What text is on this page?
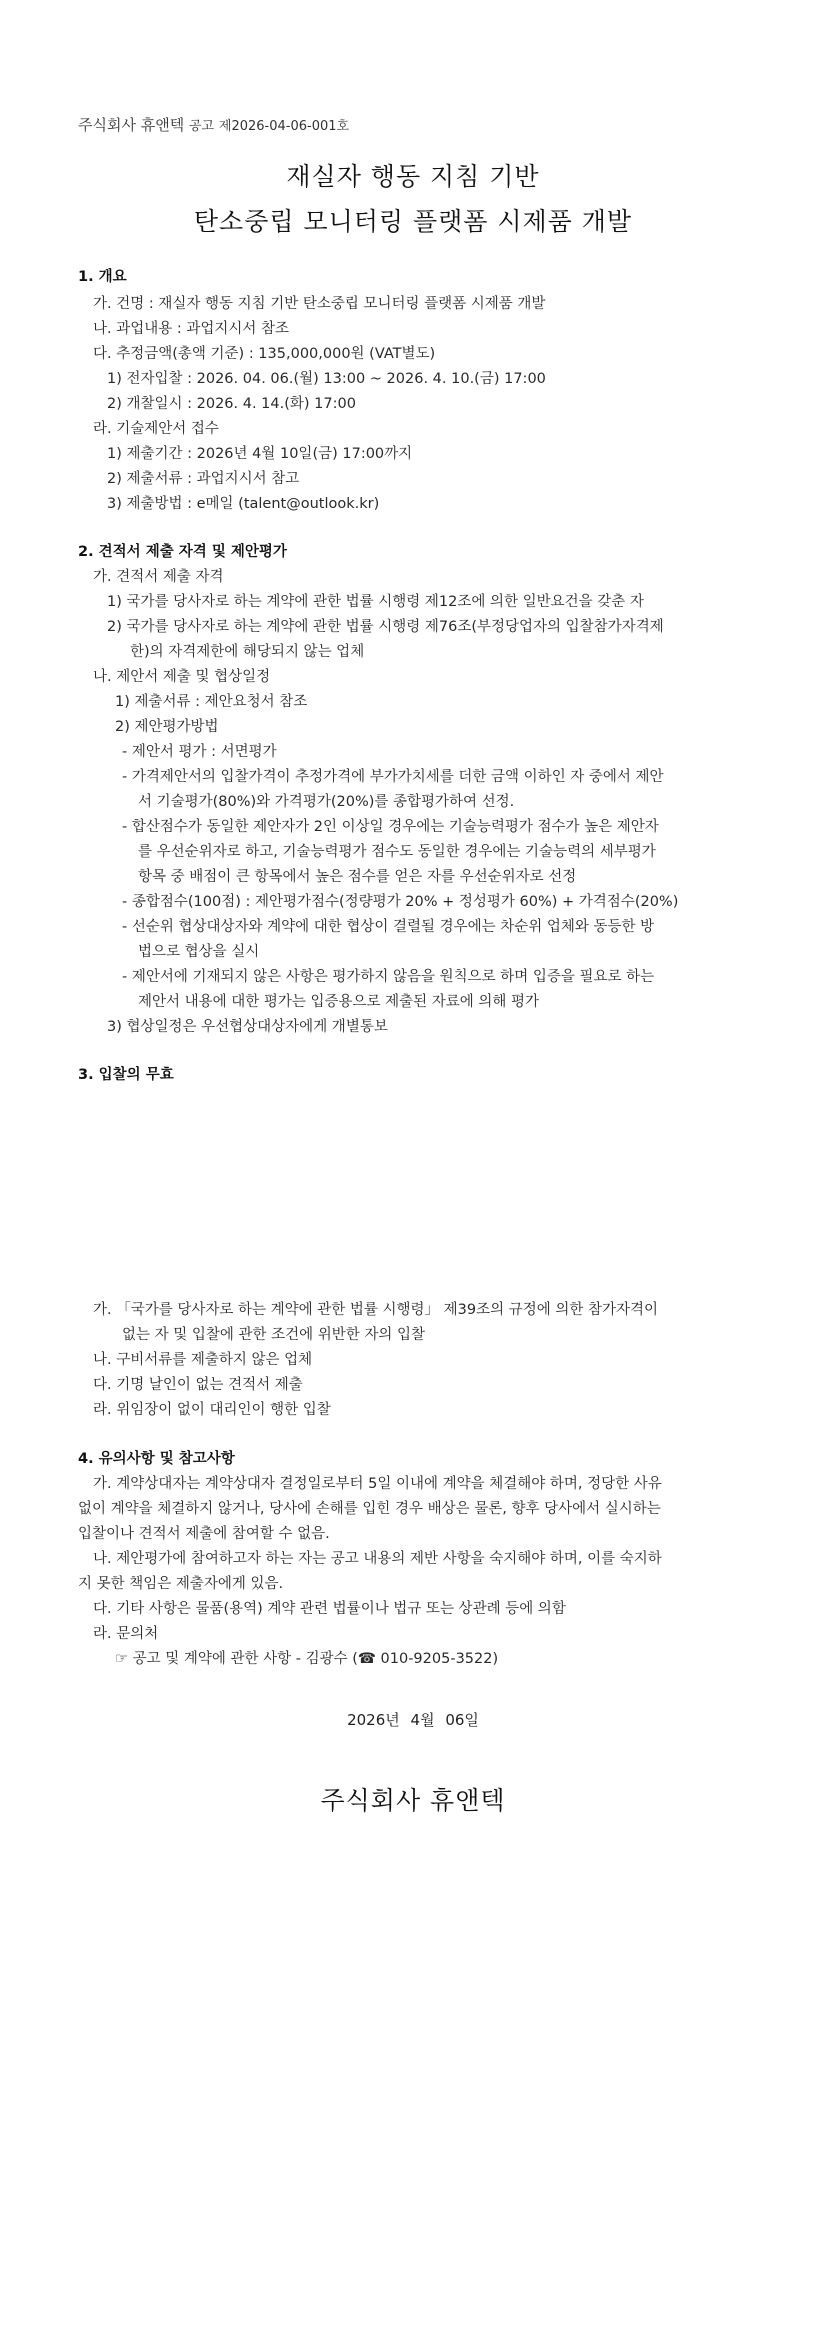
주식회사 휴앤텍 공고 제2026-04-06-001호
재실자 행동 지침 기반
탄소중립 모니터링 플랫폼 시제품 개발
1. 개요
가. 건명 : 재실자 행동 지침 기반 탄소중립 모니터링 플랫폼 시제품 개발
나. 과업내용 : 과업지시서 참조
다. 추정금액(총액 기준) : 135,000,000원 (VAT별도)
1) 전자입찰 : 2026. 04. 06.(월) 13:00 ~ 2026. 4. 10.(금) 17:00
2) 개찰일시 : 2026. 4. 14.(화) 17:00
라. 기술제안서 접수
1) 제출기간 : 2026년 4월 10일(금) 17:00까지
2) 제출서류 : 과업지시서 참고
3) 제출방법 : e메일 (talent@outlook.kr)
2. 견적서 제출 자격 및 제안평가
가. 견적서 제출 자격
1) 국가를 당사자로 하는 계약에 관한 법률 시행령 제12조에 의한 일반요건을 갖춘 자
2) 국가를 당사자로 하는 계약에 관한 법률 시행령 제76조(부정당업자의 입찰참가자격제
한)의 자격제한에 해당되지 않는 업체
나. 제안서 제출 및 협상일정
1) 제출서류 : 제안요청서 참조
2) 제안평가방법
- 제안서 평가 : 서면평가
- 가격제안서의 입찰가격이 추정가격에 부가가치세를 더한 금액 이하인 자 중에서 제안
서 기술평가(80%)와 가격평가(20%)를 종합평가하여 선정.
- 합산점수가 동일한 제안자가 2인 이상일 경우에는 기술능력평가 점수가 높은 제안자
를 우선순위자로 하고, 기술능력평가 점수도 동일한 경우에는 기술능력의 세부평가
항목 중 배점이 큰 항목에서 높은 점수를 얻은 자를 우선순위자로 선정
- 종합점수(100점) : 제안평가점수(정량평가 20% + 정성평가 60%) + 가격점수(20%)
- 선순위 협상대상자와 계약에 대한 협상이 결렬될 경우에는 차순위 업체와 동등한 방
법으로 협상을 실시
- 제안서에 기재되지 않은 사항은 평가하지 않음을 원칙으로 하며 입증을 필요로 하는
제안서 내용에 대한 평가는 입증용으로 제출된 자료에 의해 평가
3) 협상일정은 우선협상대상자에게 개별통보
3. 입찰의 무효
가. 「국가를 당사자로 하는 계약에 관한 법률 시행령」 제39조의 규정에 의한 참가자격이
없는 자 및 입찰에 관한 조건에 위반한 자의 입찰
나. 구비서류를 제출하지 않은 업체
다. 기명 날인이 없는 견적서 제출
라. 위임장이 없이 대리인이 행한 입찰
4. 유의사항 및 참고사항
가. 계약상대자는 계약상대자 결정일로부터 5일 이내에 계약을 체결해야 하며, 정당한 사유
없이 계약을 체결하지 않거나, 당사에 손해를 입힌 경우 배상은 물론, 향후 당사에서 실시하는
입찰이나 견적서 제출에 참여할 수 없음.
나. 제안평가에 참여하고자 하는 자는 공고 내용의 제반 사항을 숙지해야 하며, 이를 숙지하
지 못한 책임은 제출자에게 있음.
다. 기타 사항은 물품(용역) 계약 관련 법률이나 법규 또는 상관례 등에 의함
라. 문의처
☞ 공고 및 계약에 관한 사항 - 김광수 (☎ 010-9205-3522)
2026년 4월 06일
주식회사 휴앤텍
